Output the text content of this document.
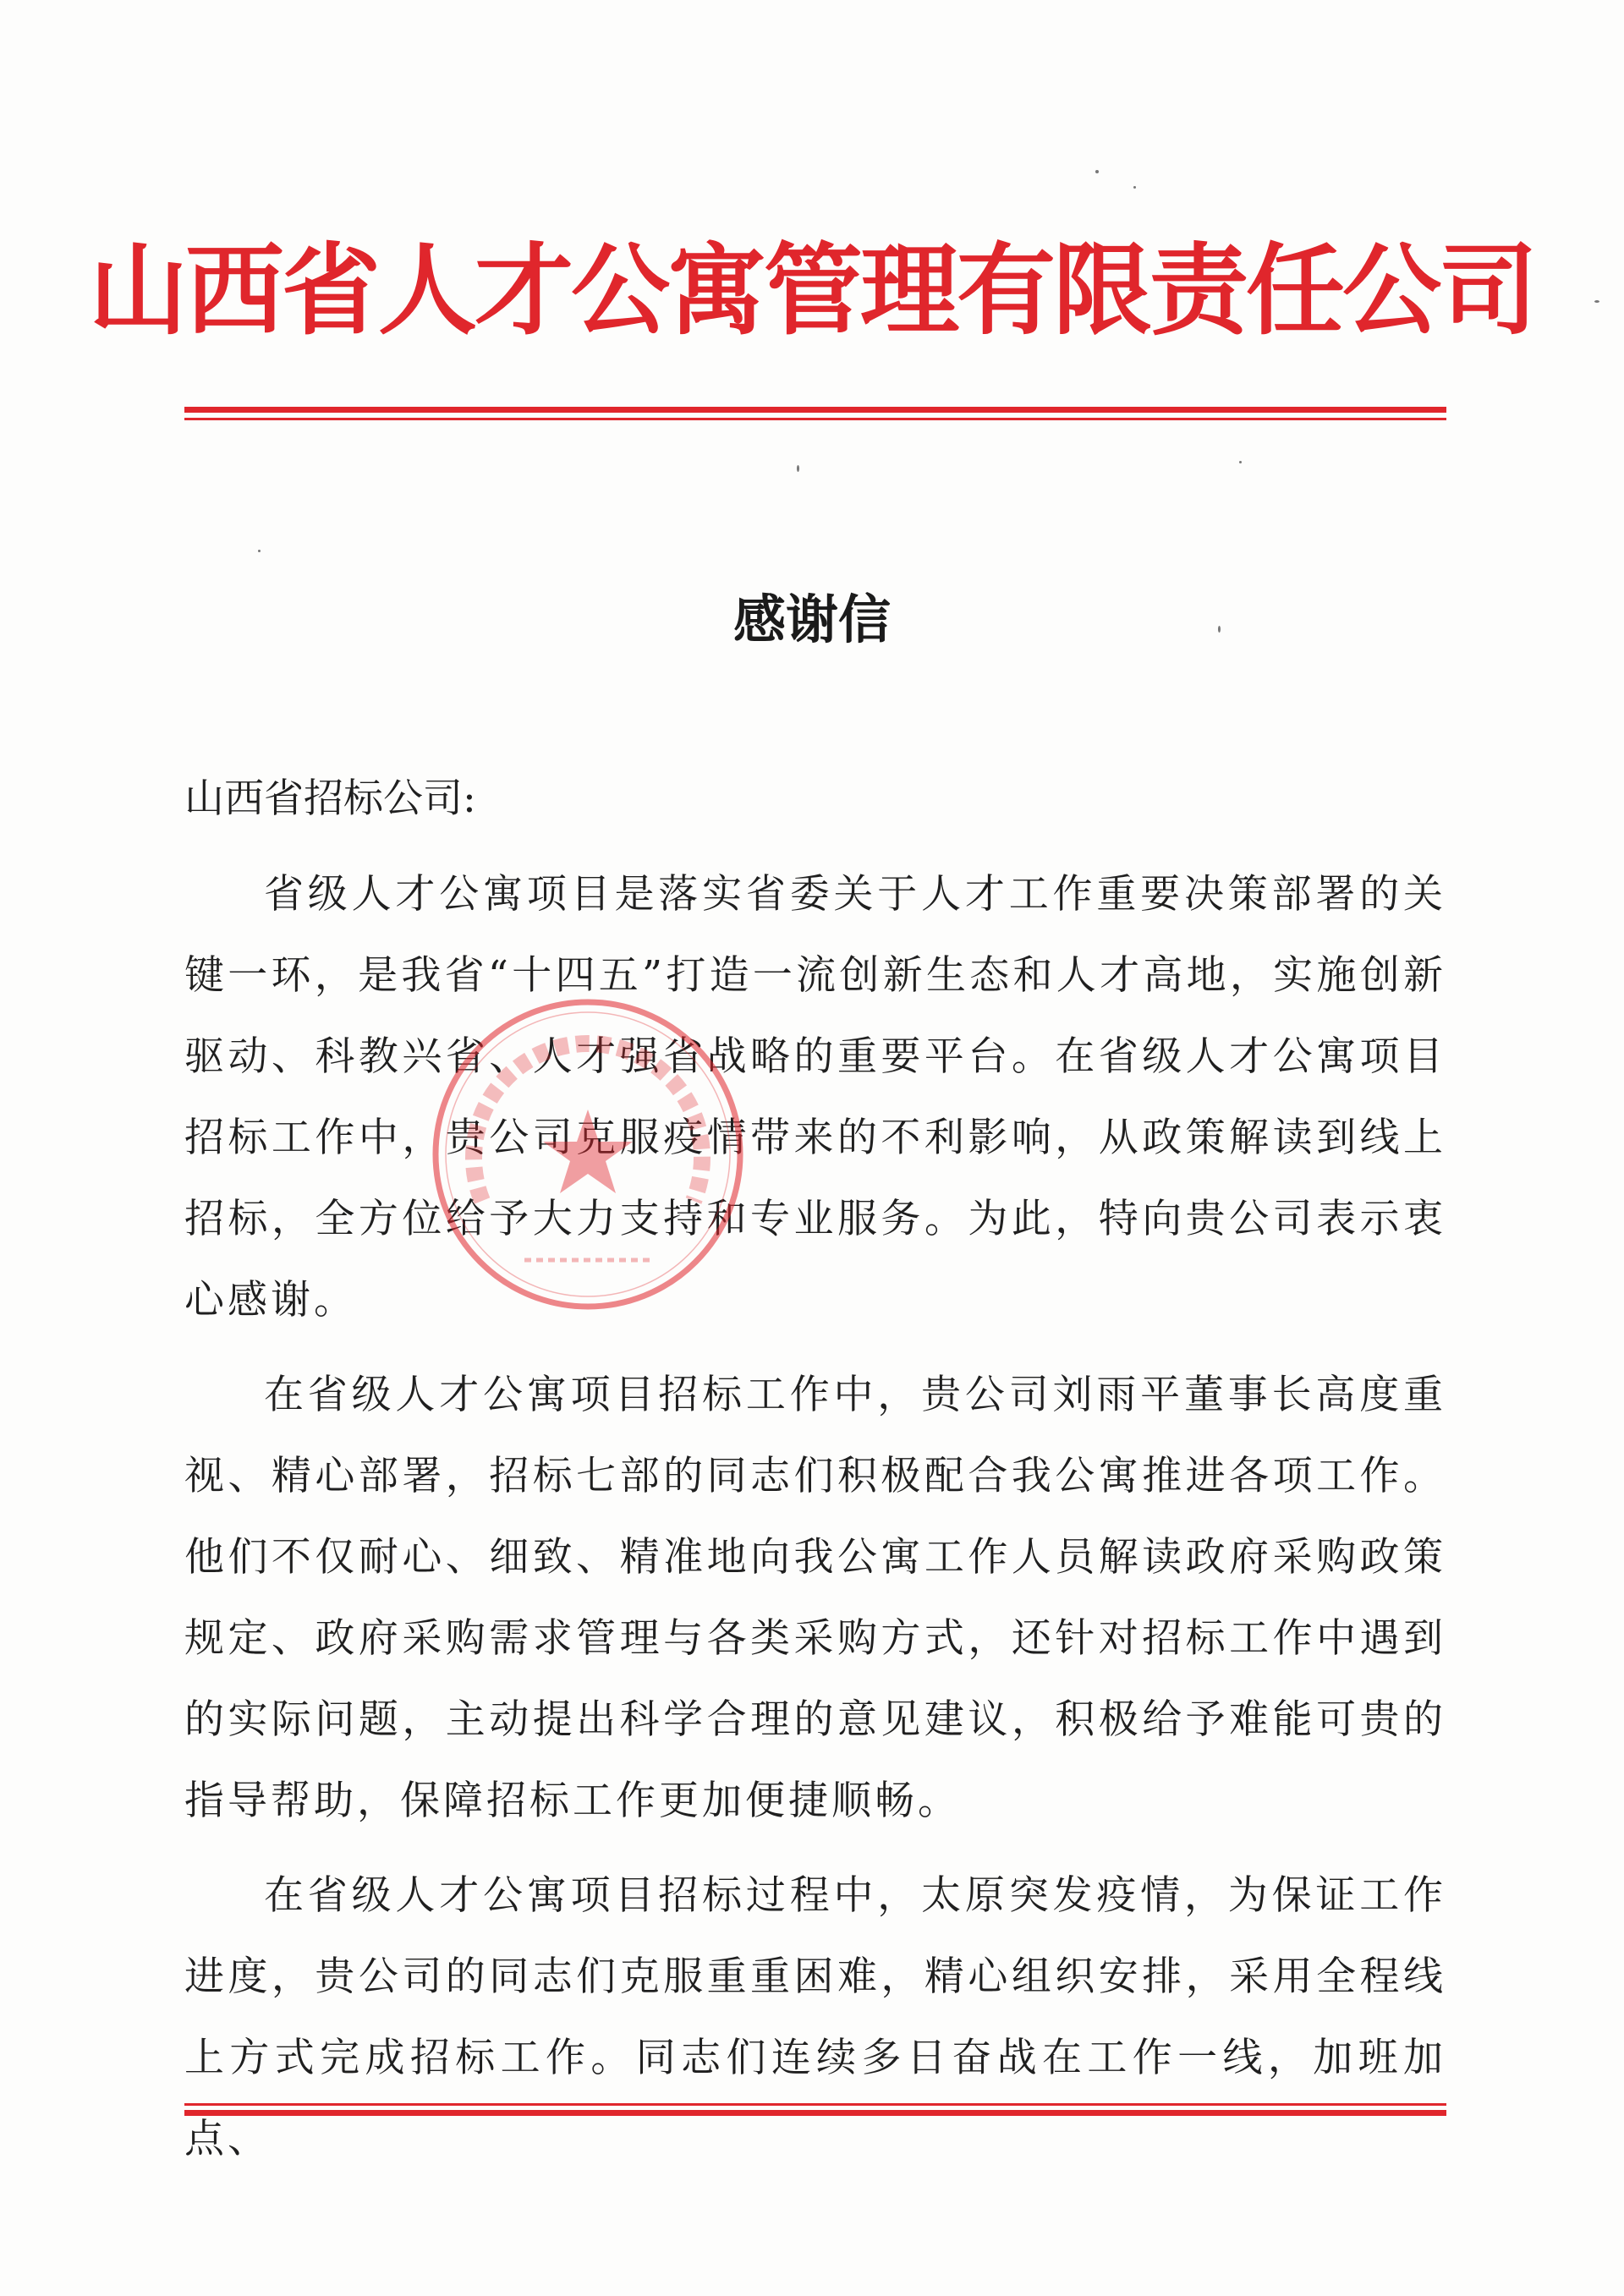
山西省人才公寓管理有限责任公司
感谢信

山西省招标公司:

省级人才公寓项目是落实省委关于人才工作重要决策部署的关键一环，是我省“十四五”打造一流创新生态和人才高地，实施创新驱动、科教兴省、人才强省战略的重要平台。在省级人才公寓项目招标工作中，贵公司克服疫情带来的不利影响，从政策解读到线上招标，全方位给予大力支持和专业服务。为此，特向贵公司表示衷心感谢。

在省级人才公寓项目招标工作中，贵公司刘雨平董事长高度重视、精心部署，招标七部的同志们积极配合我公寓推进各项工作。他们不仅耐心、细致、精准地向我公寓工作人员解读政府采购政策规定、政府采购需求管理与各类采购方式，还针对招标工作中遇到的实际问题，主动提出科学合理的意见建议，积极给予难能可贵的指导帮助，保障招标工作更加便捷顺畅。

在省级人才公寓项目招标过程中，太原突发疫情，为保证工作进度，贵公司的同志们克服重重困难，精心组织安排，采用全程线上方式完成招标工作。同志们连续多日奋战在工作一线，加班加点、
